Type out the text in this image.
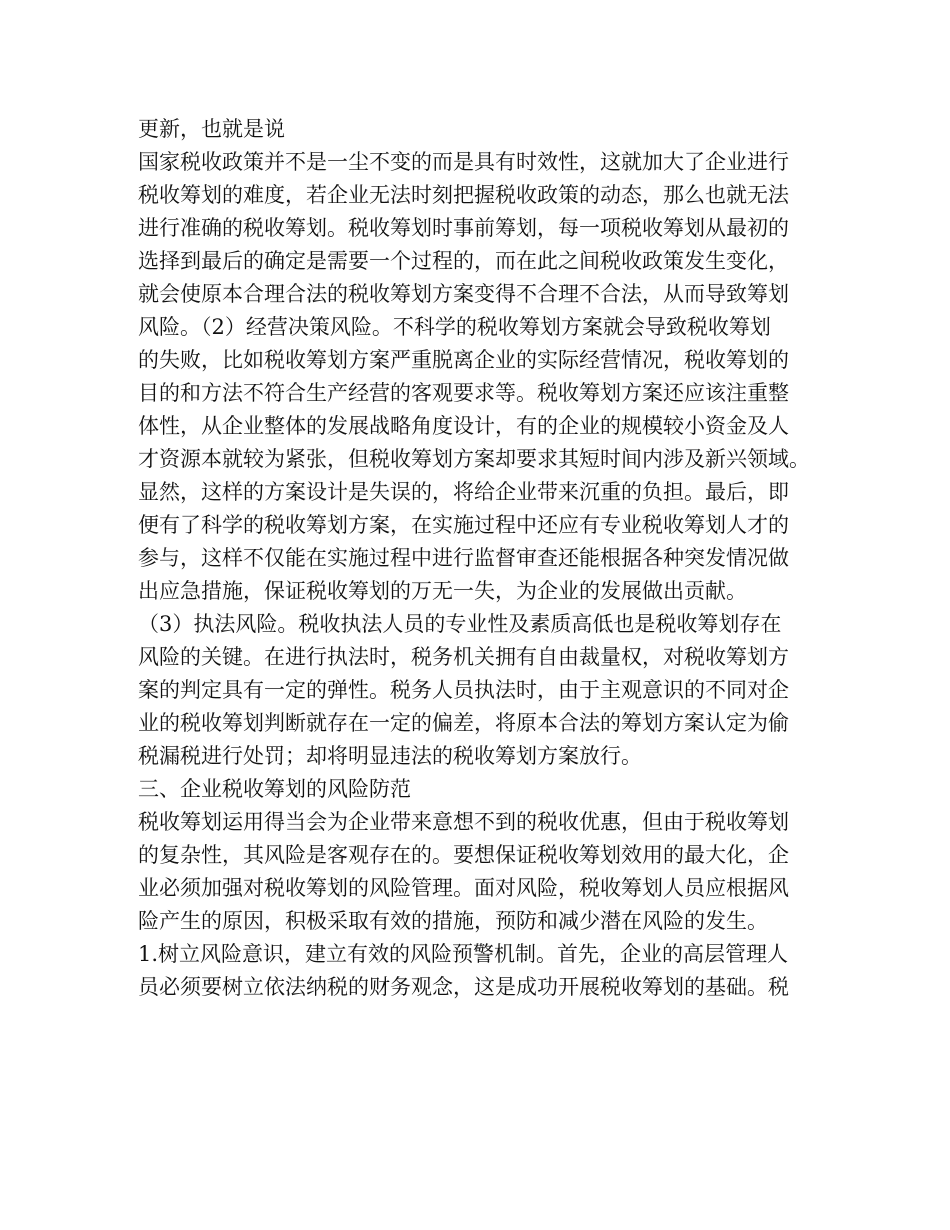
更新，也就是说
国家税收政策并不是一尘不变的而是具有时效性，这就加大了企业进行
税收筹划的难度，若企业无法时刻把握税收政策的动态，那么也就无法
进行准确的税收筹划。税收筹划时事前筹划，每一项税收筹划从最初的
选择到最后的确定是需要一个过程的，而在此之间税收政策发生变化，
就会使原本合理合法的税收筹划方案变得不合理不合法，从而导致筹划
风险。（2）经营决策风险。不科学的税收筹划方案就会导致税收筹划
的失败，比如税收筹划方案严重脱离企业的实际经营情况，税收筹划的
目的和方法不符合生产经营的客观要求等。税收筹划方案还应该注重整
体性，从企业整体的发展战略角度设计，有的企业的规模较小资金及人
才资源本就较为紧张，但税收筹划方案却要求其短时间内涉及新兴领域。
显然，这样的方案设计是失误的，将给企业带来沉重的负担。最后，即
便有了科学的税收筹划方案，在实施过程中还应有专业税收筹划人才的
参与，这样不仅能在实施过程中进行监督审查还能根据各种突发情况做
出应急措施，保证税收筹划的万无一失，为企业的发展做出贡献。
（3）执法风险。税收执法人员的专业性及素质高低也是税收筹划存在
风险的关键。在进行执法时，税务机关拥有自由裁量权，对税收筹划方
案的判定具有一定的弹性。税务人员执法时，由于主观意识的不同对企
业的税收筹划判断就存在一定的偏差，将原本合法的筹划方案认定为偷
税漏税进行处罚；却将明显违法的税收筹划方案放行。
三、企业税收筹划的风险防范
税收筹划运用得当会为企业带来意想不到的税收优惠，但由于税收筹划
的复杂性，其风险是客观存在的。要想保证税收筹划效用的最大化，企
业必须加强对税收筹划的风险管理。面对风险，税收筹划人员应根据风
险产生的原因，积极采取有效的措施，预防和减少潜在风险的发生。
1.树立风险意识，建立有效的风险预警机制。首先，企业的高层管理人
员必须要树立依法纳税的财务观念，这是成功开展税收筹划的基础。税
